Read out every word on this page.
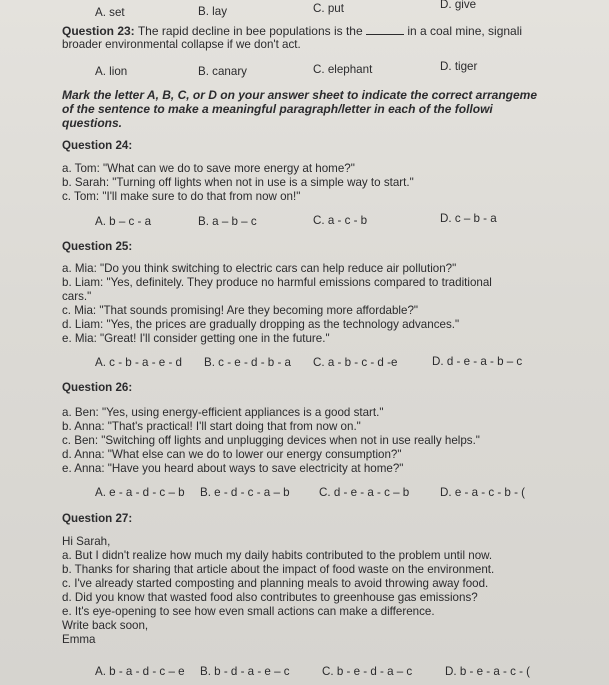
A. set	B. lay	C. put	D. give
Question 23: The rapid decline in bee populations is the	in a coal mine, signali
broader environmental collapse if we don't act.
A. lion	B. canary	C. elephant	D. tiger
Mark the letter A, B, C, or D on your answer sheet to indicate the correct arrangeme
of the sentence to make a meaningful paragraph/letter in each of the followi
questions.
Question 24:
a. Tom: "What can we do to save more energy at home?"
b. Sarah: "Turning off lights when not in use is a simple way to start."
c. Tom: "I'll make sure to do that from now on!"
A. b – c - a	B. a – b – c	C. a - c - b	D. c – b - a
Question 25:
a. Mia: "Do you think switching to electric cars can help reduce air pollution?"
b. Liam: "Yes, definitely. They produce no harmful emissions compared to traditional
cars."
c. Mia: "That sounds promising! Are they becoming more affordable?"
d. Liam: "Yes, the prices are gradually dropping as the technology advances."
e. Mia: "Great! I'll consider getting one in the future."
A. c - b - a - e - d B. c - e - d - b - a C. a - b - c - d -e	D. d - e - a - b – c
Question 26:
a. Ben: "Yes, using energy-efficient appliances is a good start."
b. Anna: "That's practical! I'll start doing that from now on."
c. Ben: "Switching off lights and unplugging devices when not in use really helps."
d. Anna: "What else can we do to lower our energy consumption?"
e. Anna: "Have you heard about ways to save electricity at home?"
A. e - a - d - c – b B. e - d - c - a – b	C. d - e - a - c – b	D. e - a - c - b - (
Question 27:
Hi Sarah,
a. But I didn't realize how much my daily habits contributed to the problem until now.
b. Thanks for sharing that article about the impact of food waste on the environment.
c. I've already started composting and planning meals to avoid throwing away food.
d. Did you know that wasted food also contributes to greenhouse gas emissions?
e. It's eye-opening to see how even small actions can make a difference.
Write back soon,
Emma
A. b - a - d - c – e B. b - d - a - e – c	C. b - e - d - a – c	D. b - e - a - c - (
